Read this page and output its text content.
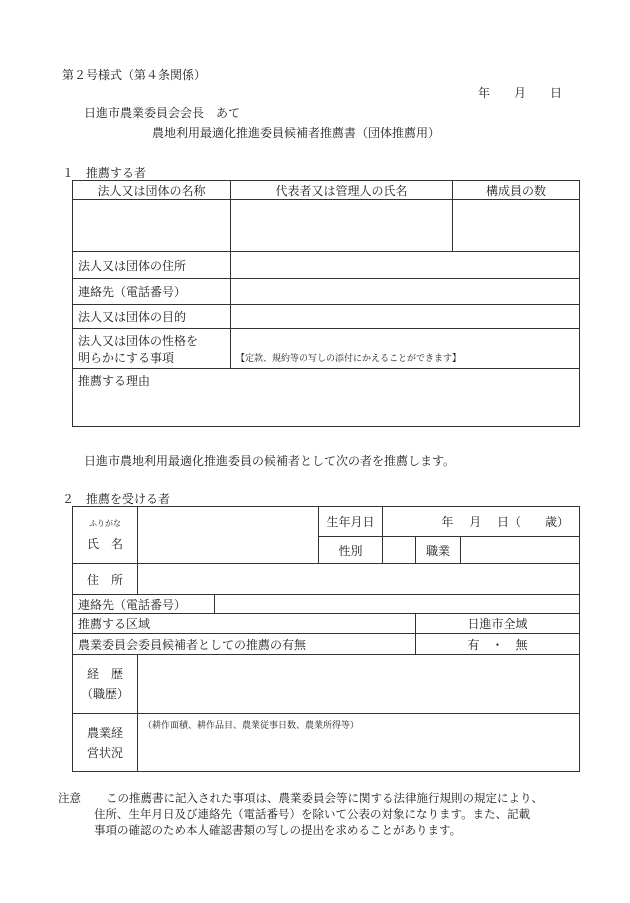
第２号様式（第４条関係）
年　　月　　日
日進市農業委員会会長　あて
農地利用最適化推進委員候補者推薦書（団体推薦用）
１　推薦する者
法人又は団体の名称	代表者又は管理人の氏名	構成員の数

法人又は団体の住所		
連絡先（電話番号）		
法人又は団体の目的		

法人又は団体の性格を
明らかにする事項	【定款、規約等の写しの添付にかえることができます】	
推薦する理由		
日進市農地利用最適化推進委員の候補者として次の者を推薦します。
２　推薦を受ける者
ふりがな
氏　名			生年月日	年　 月　 日（　　歳）		
			性別		職業	
住　所						
連絡先（電話番号）						
推薦する区域					日進市全域	
農業委員会委員候補者としての推薦の有無					有　・　無	

経　歴
（職歴）						

農業経
営状況	（耕作面積、耕作品目、農業従事日数、農業所得等）					
注意	この推薦書に記入された事項は、農業委員会等に関する法律施行規則の規定により、
住所、生年月日及び連絡先（電話番号）を除いて公表の対象になります。また、記載
事項の確認のため本人確認書類の写しの提出を求めることがあります。
